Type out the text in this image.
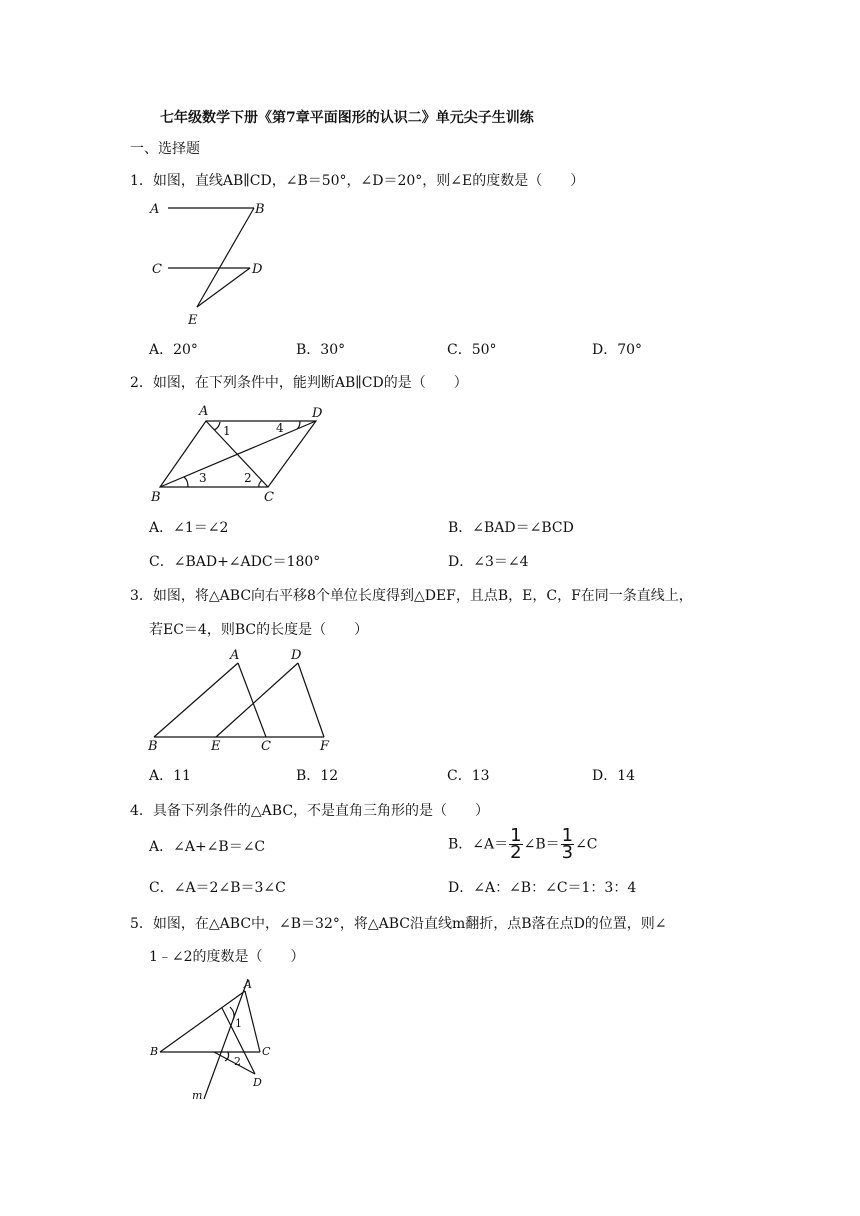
七年级数学下册《第7章平面图形的认识二》单元尖子生训练
一、选择题
1．如图，直线AB∥CD，∠B＝50°，∠D＝20°，则∠E的度数是（　　）
A	B
C	D
E
A．20°	B．30°	C．50°	D．70°
2．如图，在下列条件中，能判断AB∥CD的是（　　）
A	D
B	C
1
2
3
4
A．∠1＝∠2	B．∠BAD＝∠BCD
C．∠BAD+∠ADC＝180°	D．∠3＝∠4
3．如图，将△ABC向右平移8个单位长度得到△DEF，且点B，E，C，F在同一条直线上，
若EC＝4，则BC的长度是（　　）
A	D
B	E	C	F
A．11	B．12	C．13	D．14
4．具备下列条件的△ABC，不是直角三角形的是（　　）
A．∠A+∠B＝∠C	B．∠A＝ $\frac{1}{2}$ ∠B＝ $\frac{1}{3}$ ∠C
C．∠A＝2∠B＝3∠C	D．∠A：∠B：∠C＝1：3：4
5．如图，在△ABC中，∠B＝32°，将△ABC沿直线m翻折，点B落在点D的位置，则∠
1﹣∠2的度数是（　　）
A
B	C
D
1
2
m
